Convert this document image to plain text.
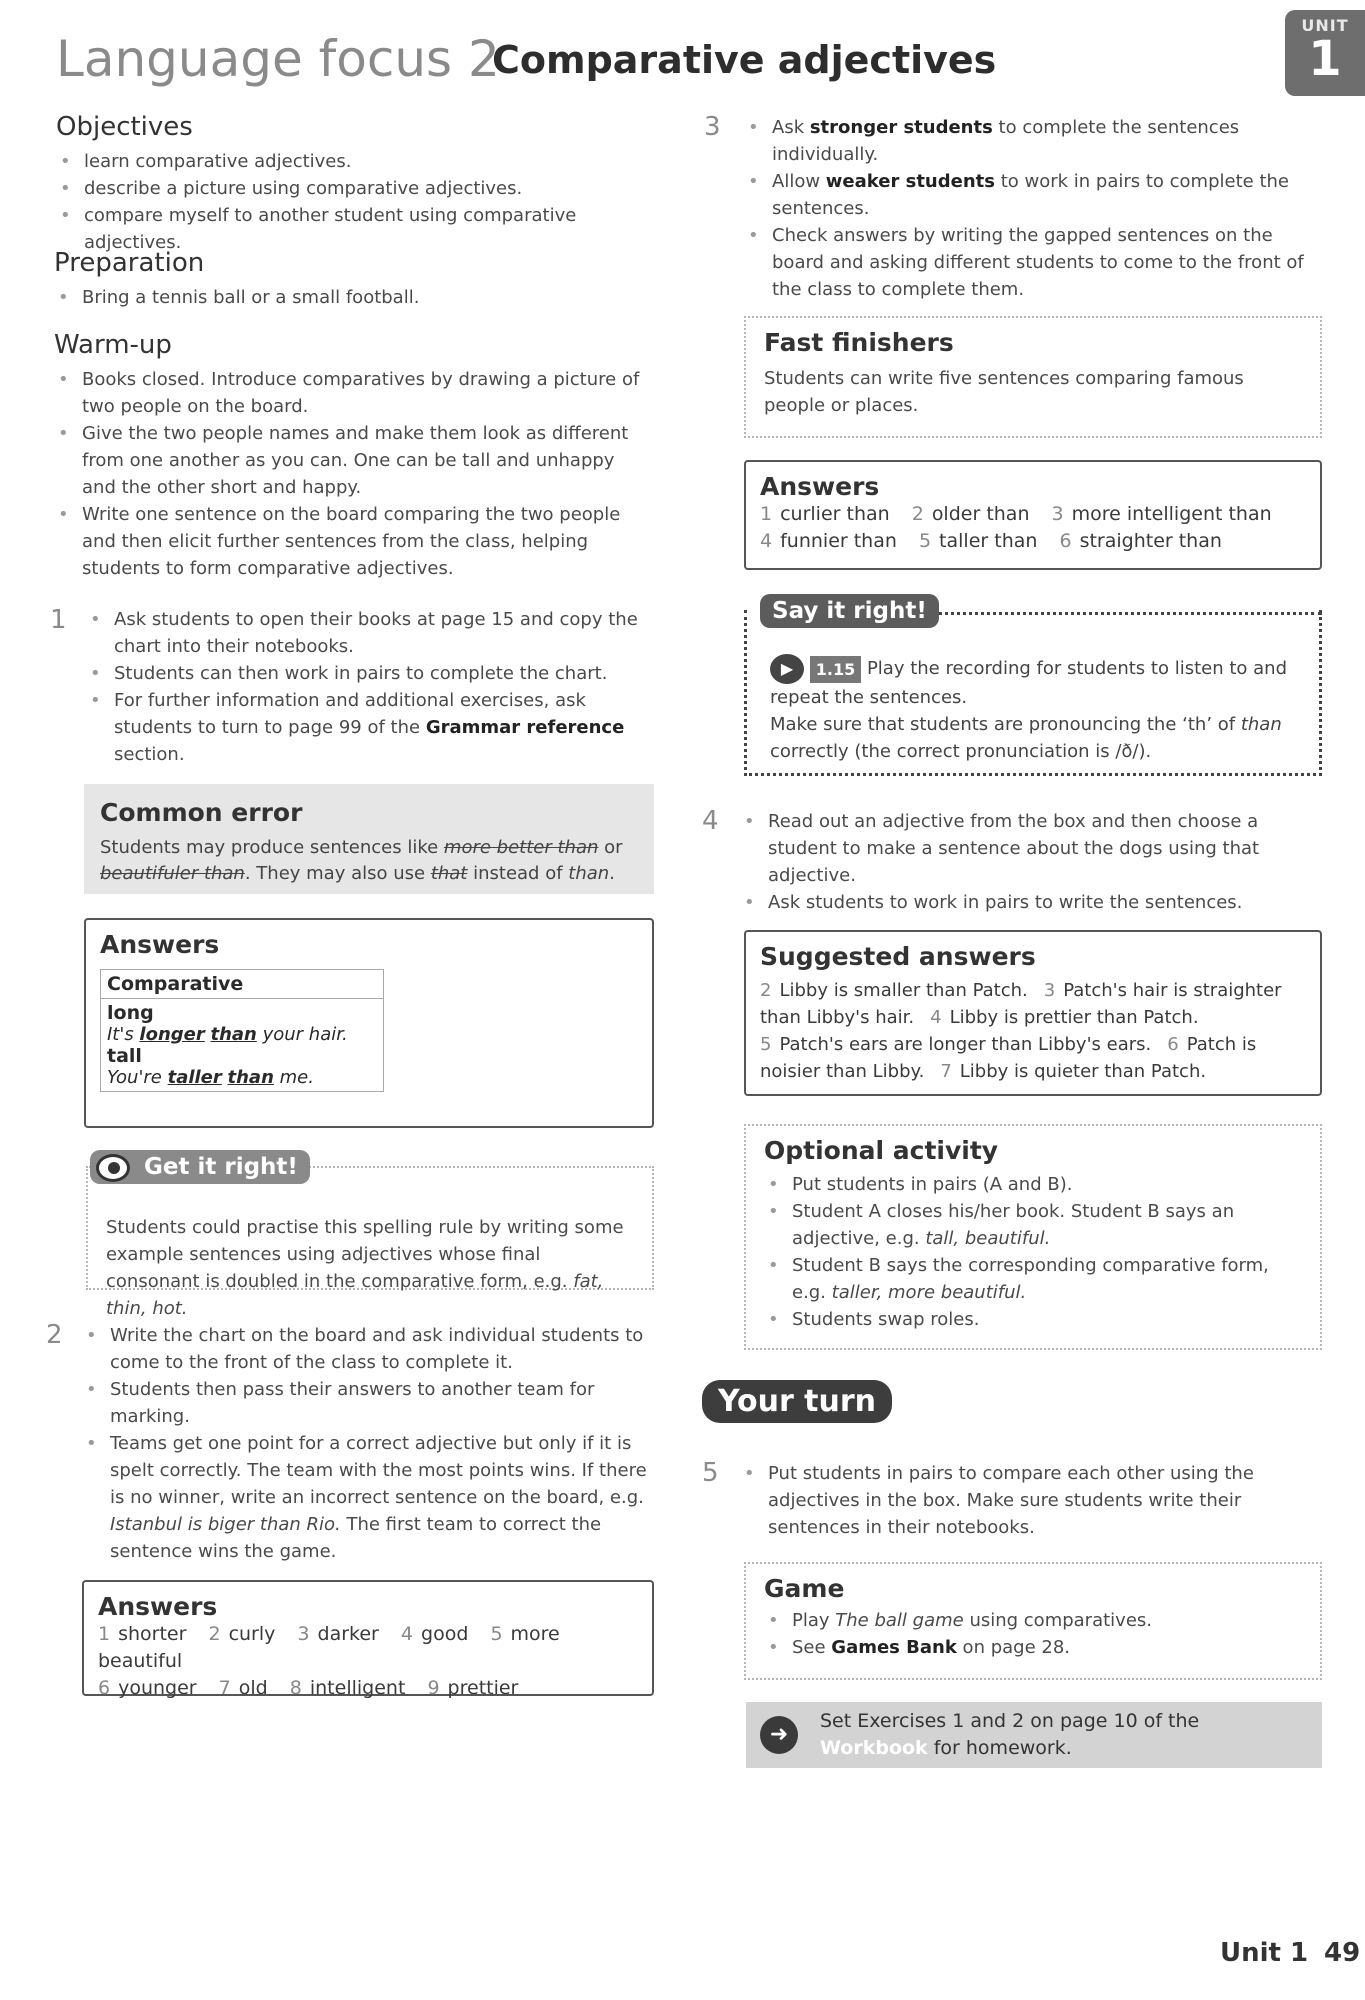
Language focus 2
Comparative adjectives
UNIT
1
Objectives
• learn comparative adjectives.
• describe a picture using comparative adjectives.
• compare myself to another student using comparative adjectives.
Preparation
• Bring a tennis ball or a small football.
Warm-up
• Books closed. Introduce comparatives by drawing a picture of two people on the board.
• Give the two people names and make them look as different from one another as you can. One can be tall and unhappy and the other short and happy.
• Write one sentence on the board comparing the two people and then elicit further sentences from the class, helping students to form comparative adjectives.
1	• Ask students to open their books at page 15 and copy the chart into their notebooks.
• Students can then work in pairs to complete the chart.
• For further information and additional exercises, ask students to turn to page 99 of the Grammar reference section.
Common error

Students may produce sentences like more better than or beautifuler than. They may also use that instead of than.

Answers
Comparative

long
It's longer than your hair.
tall
You're taller than me.

Students could practise this spelling rule by writing some example sentences using adjectives whose final consonant is doubled in the comparative form, e.g. fat, thin, hot.

Get it right!
2	• Write the chart on the board and ask individual students to come to the front of the class to complete it.
• Students then pass their answers to another team for marking.
• Teams get one point for a correct adjective but only if it is spelt correctly. The team with the most points wins. If there is no winner, write an incorrect sentence on the board, e.g. Istanbul is biger than Rio. The first team to correct the sentence wins the game.
Answers
1 shorter 2 curly 3 darker 4 good 5 more beautiful
6 younger 7 old 8 intelligent 9 prettier
3	• Ask stronger students to complete the sentences individually.
• Allow weaker students to work in pairs to complete the sentences.
• Check answers by writing the gapped sentences on the board and asking different students to come to the front of the class to complete them.
Fast finishers

Students can write five sentences comparing famous people or places.

Answers
1 curlier than 2 older than 3 more intelligent than
4 funnier than 5 taller than 6 straighter than
Say it right!
▶ 1.15 Play the recording for students to listen to and repeat the sentences.
Make sure that students are pronouncing the ‘th’ of than correctly (the correct pronunciation is /ð/).
4	• Read out an adjective from the box and then choose a student to make a sentence about the dogs using that adjective.
• Ask students to work in pairs to write the sentences.
Suggested answers
2 Libby is smaller than Patch. 3 Patch's hair is straighter
than Libby's hair. 4 Libby is prettier than Patch.
5 Patch's ears are longer than Libby's ears. 6 Patch is
noisier than Libby. 7 Libby is quieter than Patch.
Optional activity
• Put students in pairs (A and B).
• Student A closes his/her book. Student B says an adjective, e.g. tall, beautiful.
• Student B says the corresponding comparative form, e.g. taller, more beautiful.
• Students swap roles.
Your turn
5	• Put students in pairs to compare each other using the adjectives in the box. Make sure students write their sentences in their notebooks.
Game
• Play The ball game using comparatives.
• See Games Bank on page 28.
➜
Set Exercises 1 and 2 on page 10 of the Workbook for homework.
Unit 1 49
